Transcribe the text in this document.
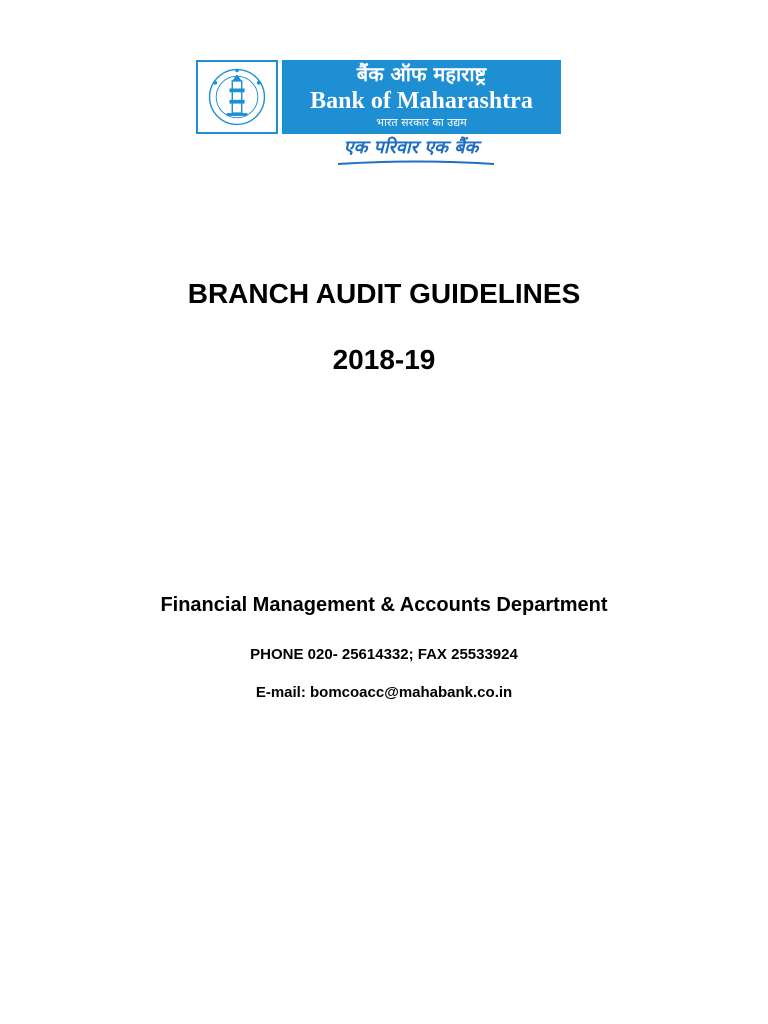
बैंक ऑफ महाराष्ट्र
Bank of Maharashtra
भारत सरकार का उद्यम
एक परिवार एक बैंक
BRANCH AUDIT GUIDELINES
2018-19
Financial Management & Accounts Department
PHONE 020- 25614332; FAX 25533924
E-mail: bomcoacc@mahabank.co.in
